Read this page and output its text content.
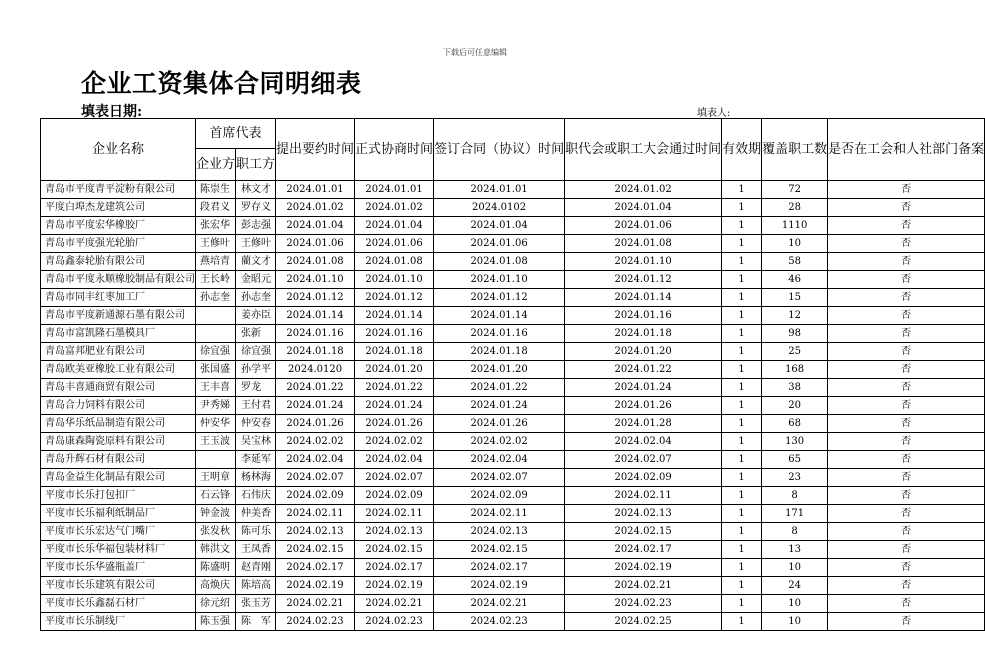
下载后可任意编辑
企业工资集体合同明细表
填表日期:	填表人:
企业名称	首席代表		提出要约时间	正式协商时间	签订合同（协议）时间	职代会或职工大会通过时间	有效期	覆盖职工数	是否在工会和人社部门备案
	企业方	职工方							
青岛市平度青平淀粉有限公司	陈崇生	林文才	2024.01.01	2024.01.01	2024.01.01	2024.01.02	1	72	否
平度白埠杰龙建筑公司	段君义	罗存义	2024.01.02	2024.01.02	2024.0102	2024.01.04	1	28	否
青岛市平度宏华橡胶厂	张宏华	彭志强	2024.01.04	2024.01.04	2024.01.04	2024.01.06	1	1110	否
青岛市平度强光轮胎厂	王修叶	王修叶	2024.01.06	2024.01.06	2024.01.06	2024.01.08	1	10	否
青岛鑫泰轮胎有限公司	燕培青	藺文才	2024.01.08	2024.01.08	2024.01.08	2024.01.10	1	58	否
青岛市平度永顺橡胶制品有限公司	王长岭	金昭元	2024.01.10	2024.01.10	2024.01.10	2024.01.12	1	46	否
青岛市同丰红枣加工厂	孙志奎	孙志奎	2024.01.12	2024.01.12	2024.01.12	2024.01.14	1	15	否
青岛市平度新通源石墨有限公司		姜亦臣	2024.01.14	2024.01.14	2024.01.14	2024.01.16	1	12	否
青岛市富凯隆石墨模具厂		张新	2024.01.16	2024.01.16	2024.01.16	2024.01.18	1	98	否
青岛富邦肥业有限公司	徐宜强	徐宜强	2024.01.18	2024.01.18	2024.01.18	2024.01.20	1	25	否
青岛欧美亚橡胶工业有限公司	张国盛	孙学平	2024.0120	2024.01.20	2024.01.20	2024.01.22	1	168	否
青岛丰喜通商贸有限公司	王丰喜	罗龙	2024.01.22	2024.01.22	2024.01.22	2024.01.24	1	38	否
青岛合力饲料有限公司	尹秀娣	王付君	2024.01.24	2024.01.24	2024.01.24	2024.01.26	1	20	否
青岛华乐纸品制造有限公司	仲安华	仲安春	2024.01.26	2024.01.26	2024.01.26	2024.01.28	1	68	否
青岛康森陶瓷原料有限公司	王玉波	吴宝林	2024.02.02	2024.02.02	2024.02.02	2024.02.04	1	130	否
青岛升辉石材有限公司		李延军	2024.02.04	2024.02.04	2024.02.04	2024.02.07	1	65	否
青岛金益生化制品有限公司	王明章	杨林海	2024.02.07	2024.02.07	2024.02.07	2024.02.09	1	23	否
平度市长乐打包扣厂	石云锋	石伟庆	2024.02.09	2024.02.09	2024.02.09	2024.02.11	1	8	否
平度市长乐福利纸制品厂	钟金波	仲美香	2024.02.11	2024.02.11	2024.02.11	2024.02.13	1	171	否
平度市长乐宏达气门嘴厂	张发秋	陈可乐	2024.02.13	2024.02.13	2024.02.13	2024.02.15	1	8	否
平度市长乐华福包装材料厂	韩洪文	王凤香	2024.02.15	2024.02.15	2024.02.15	2024.02.17	1	13	否
平度市长乐华盛瓶盖厂	陈盛明	赵青刚	2024.02.17	2024.02.17	2024.02.17	2024.02.19	1	10	否
平度市长乐建筑有限公司	高焕庆	陈培高	2024.02.19	2024.02.19	2024.02.19	2024.02.21	1	24	否
平度市长乐鑫磊石材厂	徐元绍	张玉芳	2024.02.21	2024.02.21	2024.02.21	2024.02.23	1	10	否
平度市长乐制线厂	陈玉强	陈　军	2024.02.23	2024.02.23	2024.02.23	2024.02.25	1	10	否
